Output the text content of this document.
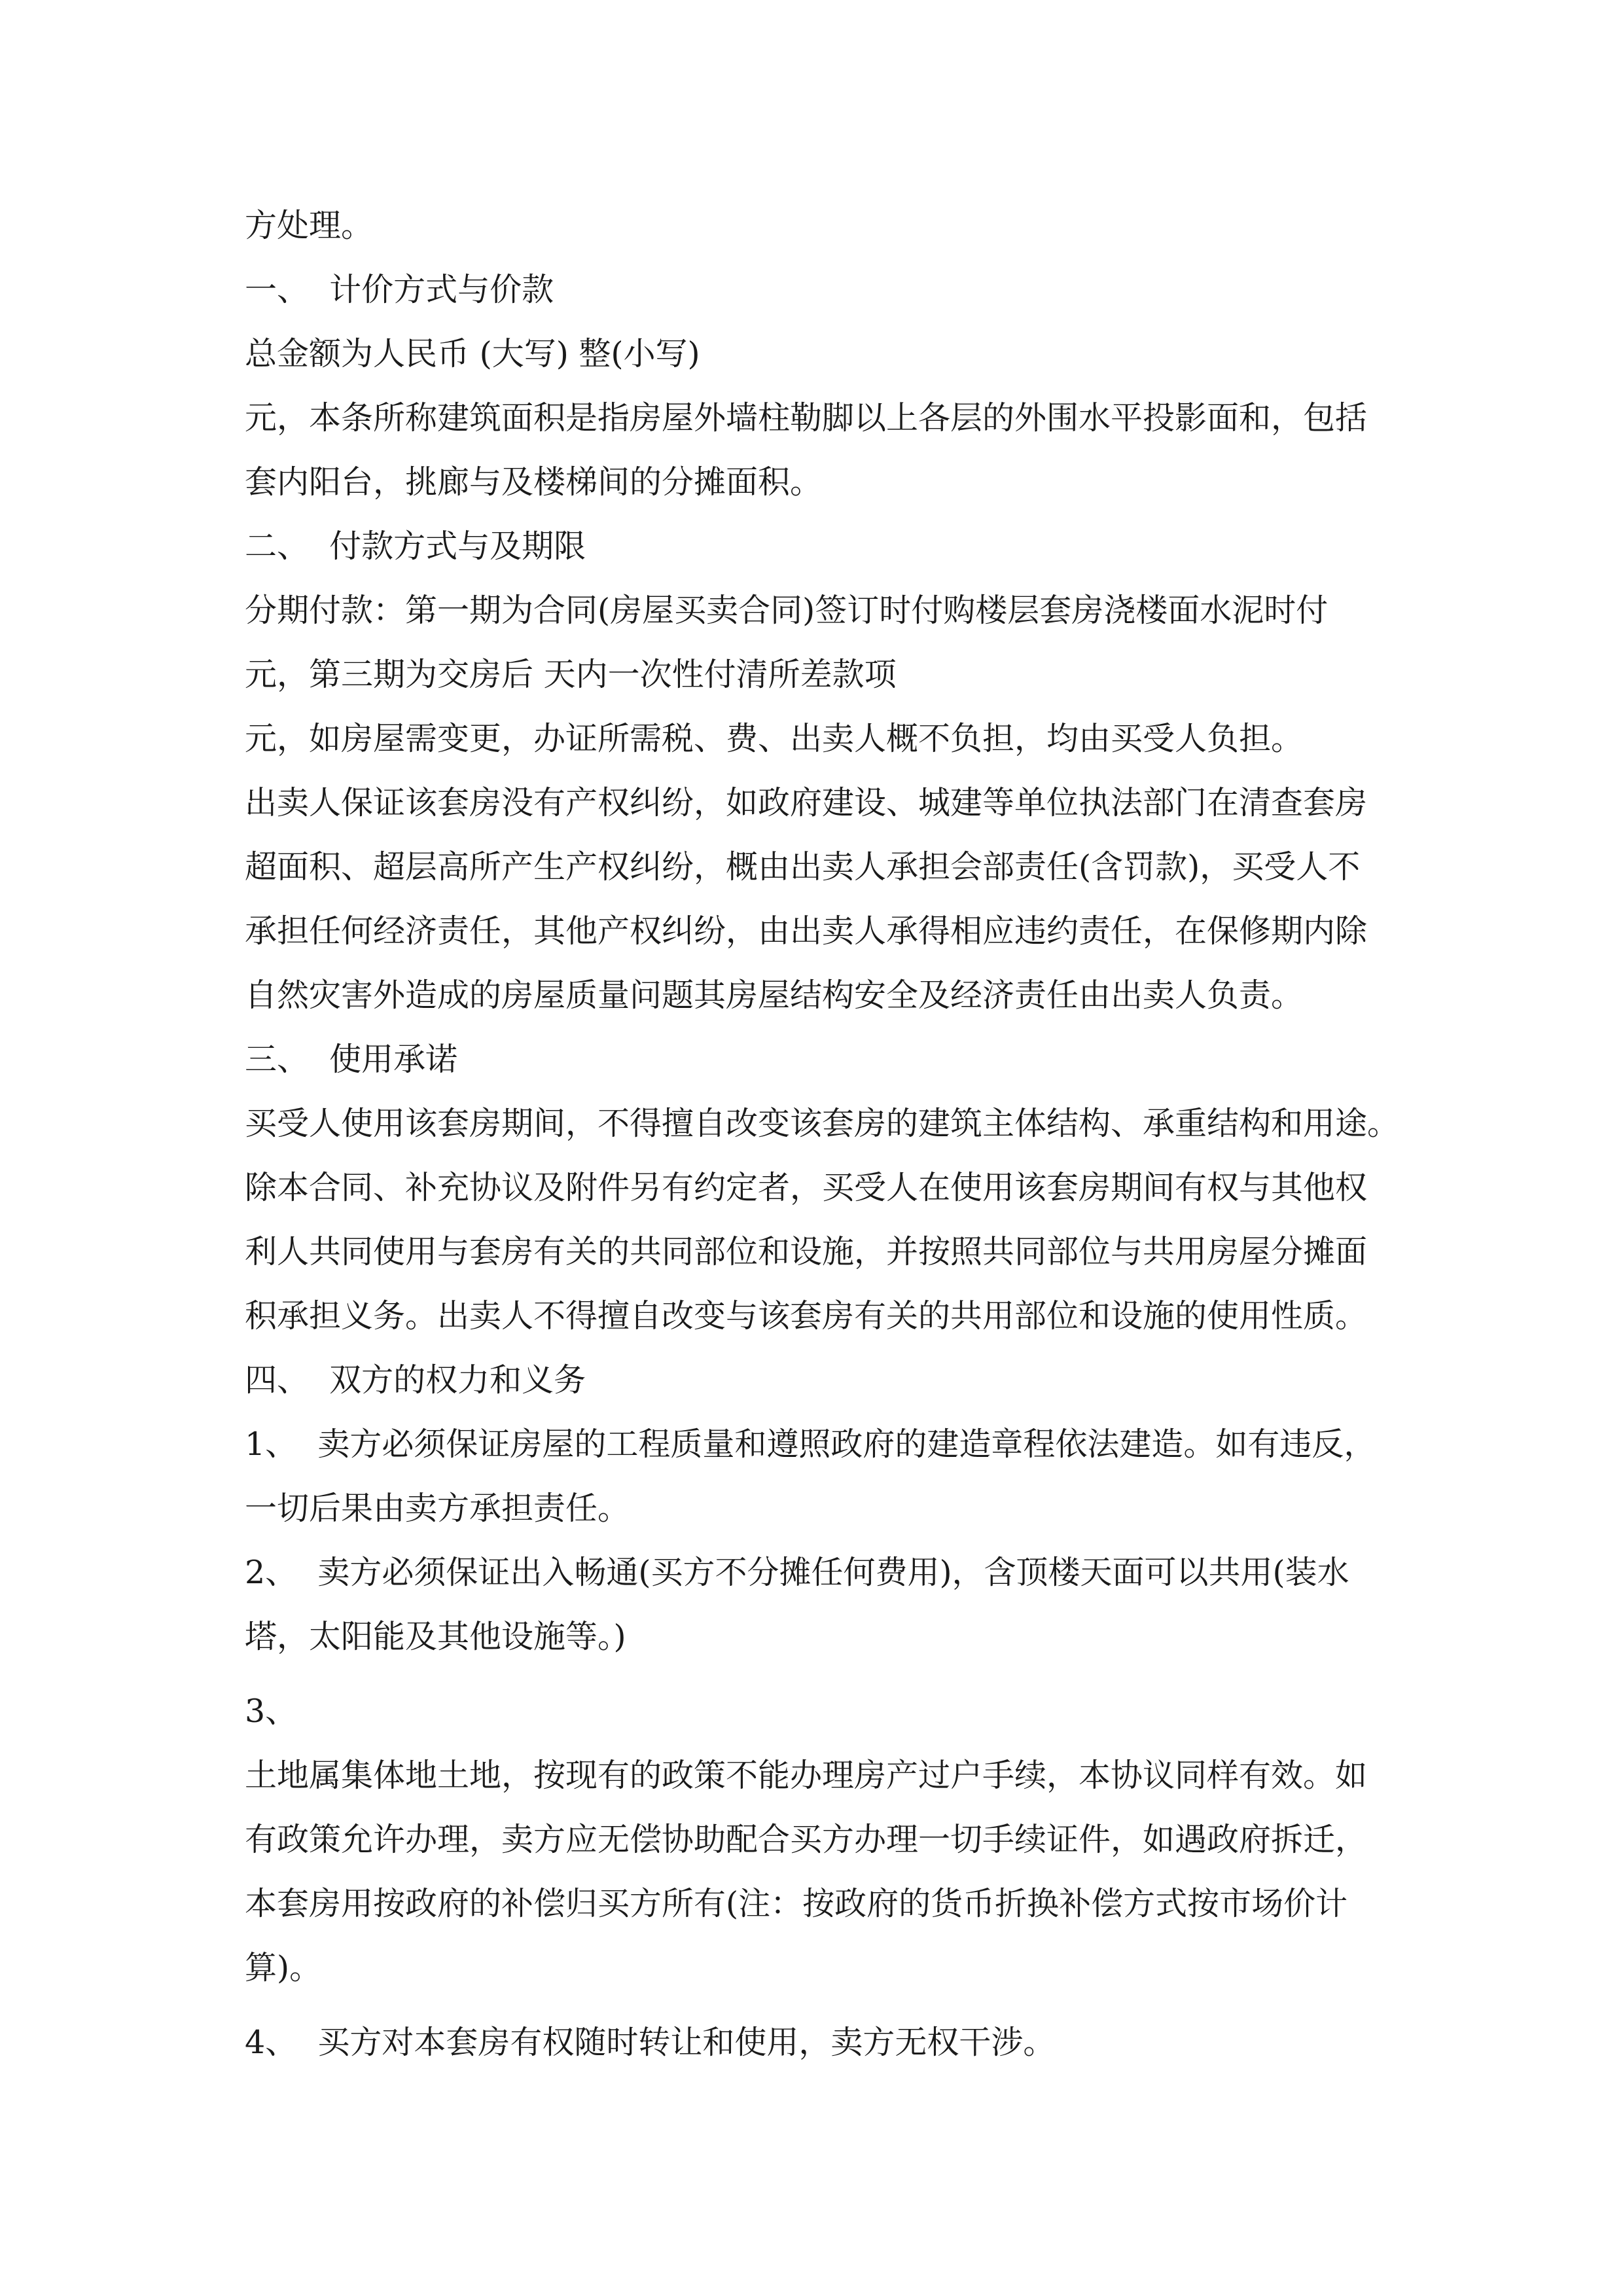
方处理。
一、  计价方式与价款
总金额为人民币 (大写) 整(小写)
元，本条所称建筑面积是指房屋外墙柱勒脚以上各层的外围水平投影面和，包括
套内阳台，挑廊与及楼梯间的分摊面积。
二、  付款方式与及期限
分期付款：第一期为合同(房屋买卖合同)签订时付购楼层套房浇楼面水泥时付
元，第三期为交房后 天内一次性付清所差款项
元，如房屋需变更，办证所需税、费、出卖人概不负担，均由买受人负担。
出卖人保证该套房没有产权纠纷，如政府建设、城建等单位执法部门在清查套房
超面积、超层高所产生产权纠纷，概由出卖人承担会部责任(含罚款)，买受人不
承担任何经济责任，其他产权纠纷，由出卖人承得相应违约责任，在保修期内除
自然灾害外造成的房屋质量问题其房屋结构安全及经济责任由出卖人负责。
三、  使用承诺
买受人使用该套房期间，不得擅自改变该套房的建筑主体结构、承重结构和用途。
除本合同、补充协议及附件另有约定者，买受人在使用该套房期间有权与其他权
利人共同使用与套房有关的共同部位和设施，并按照共同部位与共用房屋分摊面
积承担义务。出卖人不得擅自改变与该套房有关的共用部位和设施的使用性质。
四、  双方的权力和义务
1、  卖方必须保证房屋的工程质量和遵照政府的建造章程依法建造。如有违反，
一切后果由卖方承担责任。
2、  卖方必须保证出入畅通(买方不分摊任何费用)，含顶楼天面可以共用(装水
塔，太阳能及其他设施等。)
3、
土地属集体地土地，按现有的政策不能办理房产过户手续，本协议同样有效。如
有政策允许办理，卖方应无偿协助配合买方办理一切手续证件，如遇政府拆迁，
本套房用按政府的补偿归买方所有(注：按政府的货币折换补偿方式按市场价计
算)。
4、  买方对本套房有权随时转让和使用，卖方无权干涉。
